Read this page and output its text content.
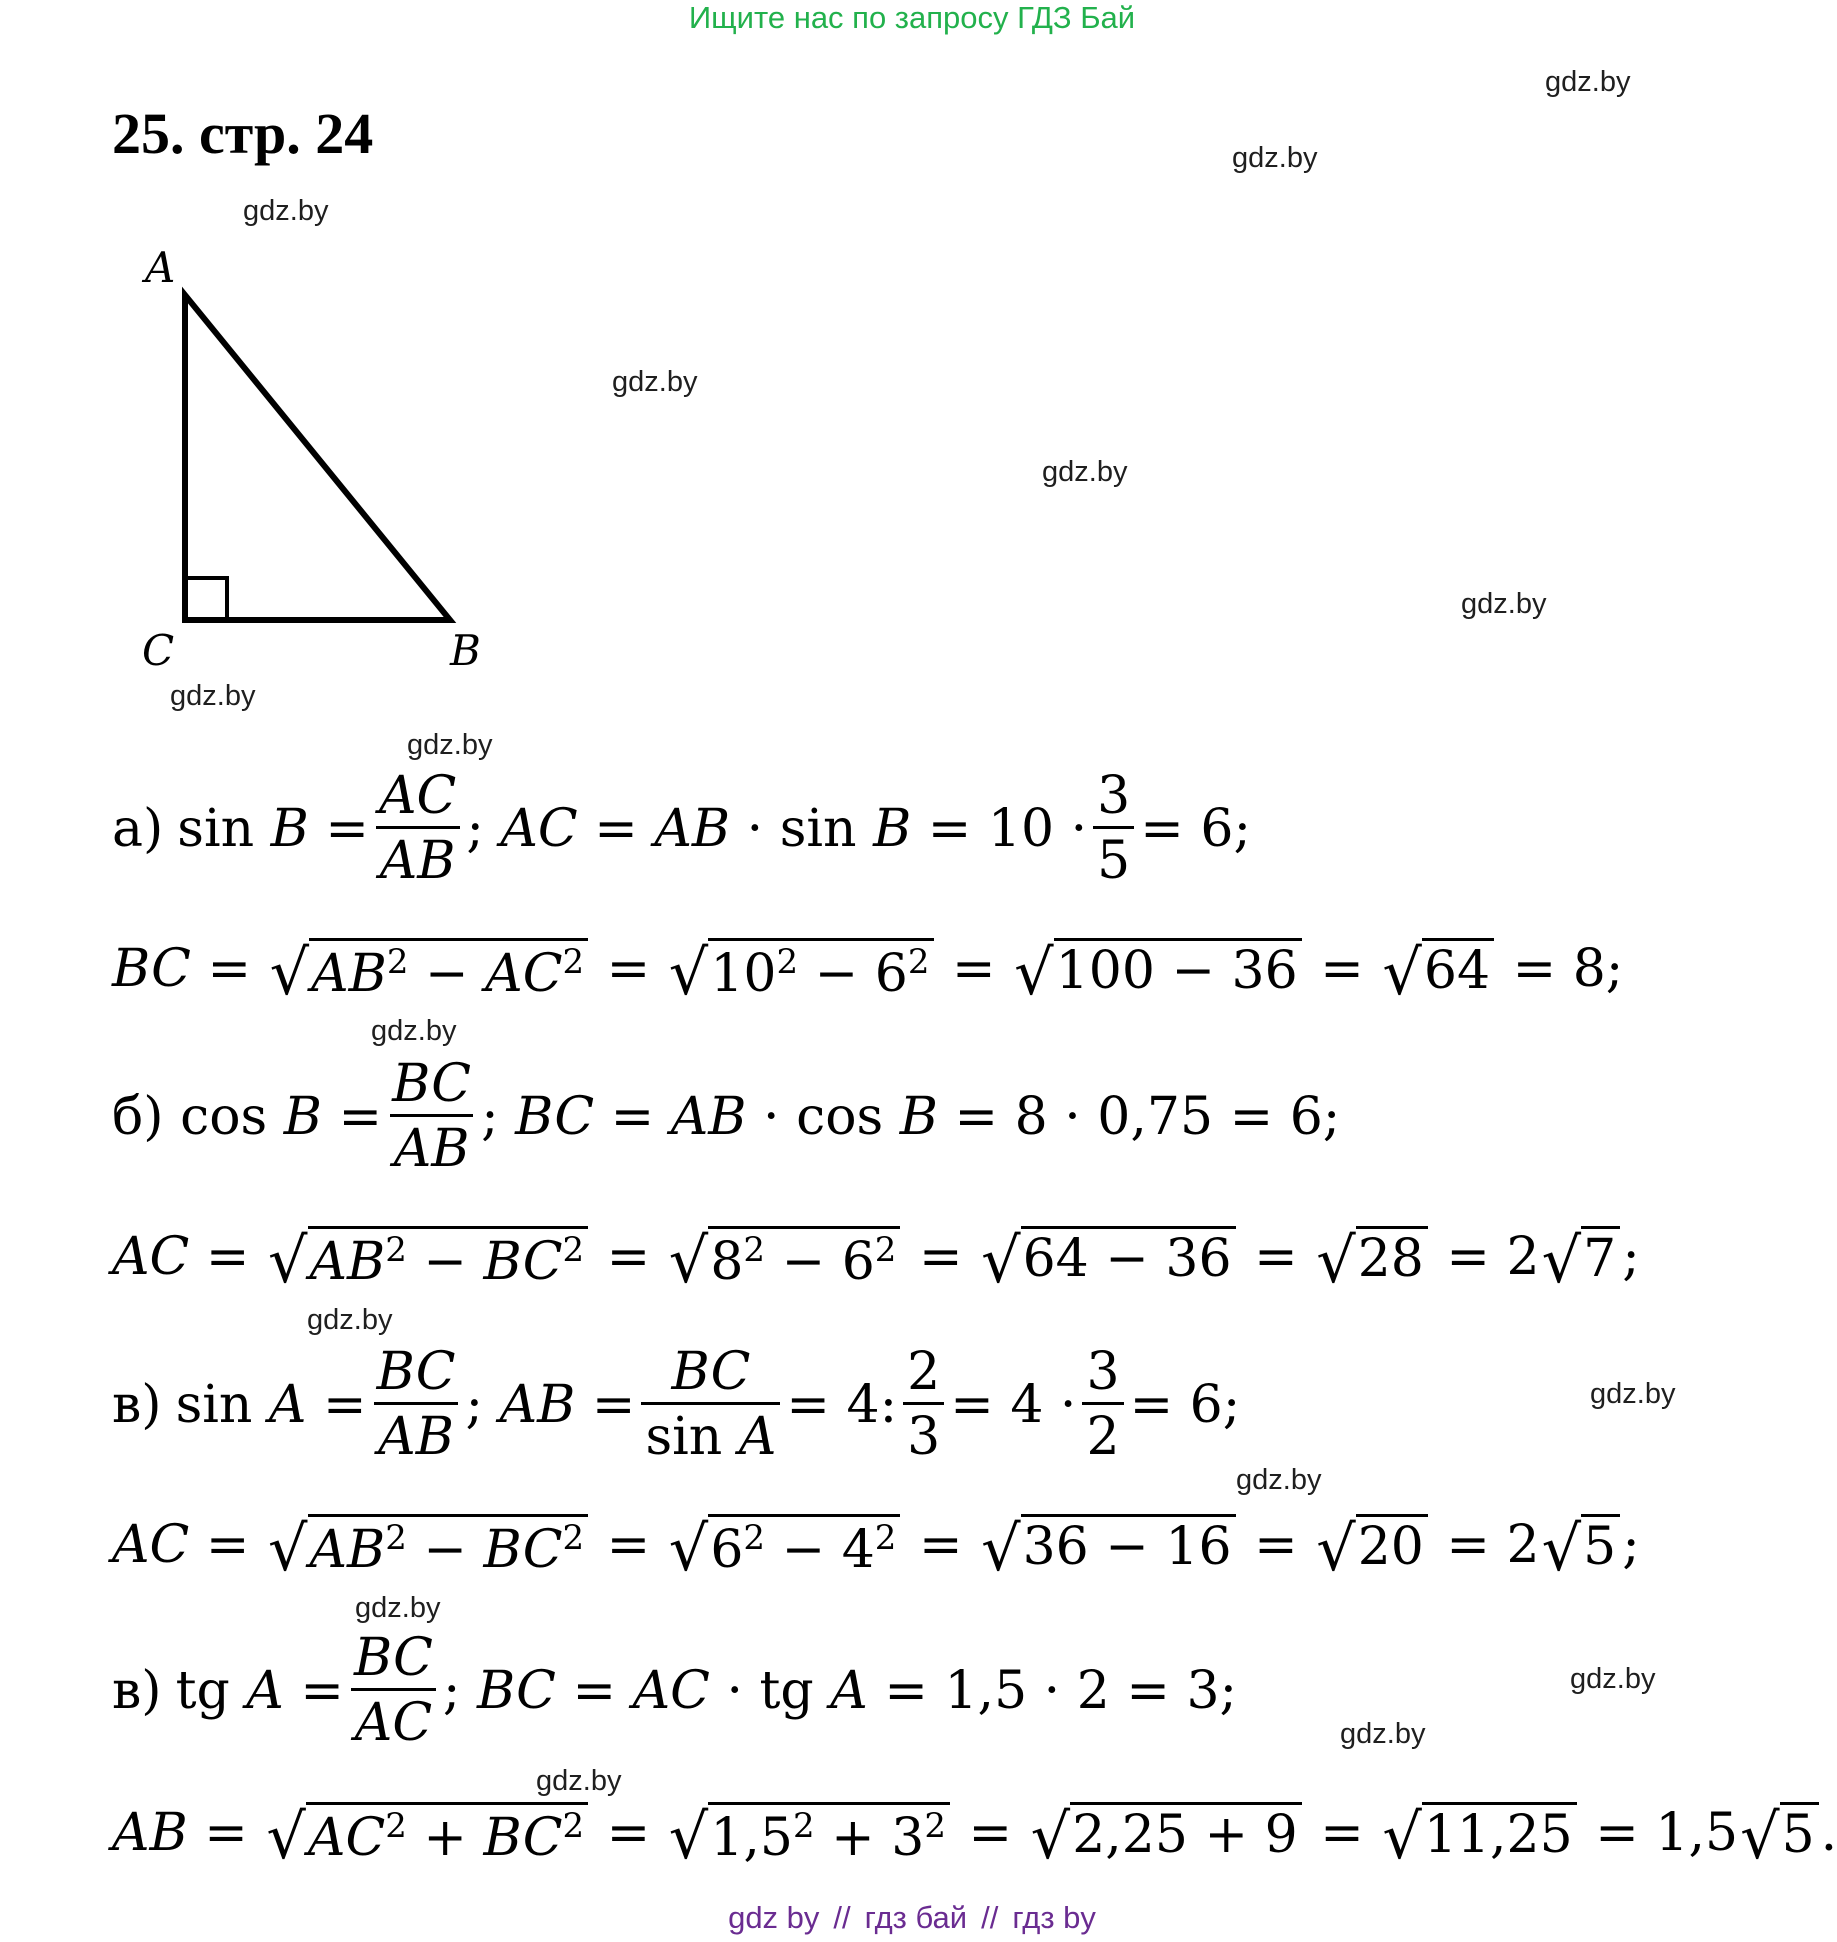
Ищите нас по запросу ГДЗ Бай
25. стр. 24
gdz.by
gdz.by
gdz.by
gdz.by
gdz.by
gdz.by
gdz.by
gdz.by
gdz.by
gdz.by
gdz.by
gdz.by
gdz.by
gdz.by
gdz.by
gdz.by
A
C	B
а) sin
B
= $\frac{AC}{AB}$ ;
AC = AB
·
sin
$B = 10 \cdot \frac{3}{5} = 6$;
BC = √ $AB^2 - AC^2$ = √ $10^2 - 6^2$ = √ 100 − 36 = √ 64 = 8;
б)
cos
$B = \frac{BC}{AB}$ ;
BC = AB · cos
B = 8 · 0,75 = 6;
AC = √ $AB^2 - BC^2$ = √ $8^2 - 6^2$ = √ 64 − 36 = √ 28 = 2 √ 7 ;
в) sin
$A = \frac{BC}{AB}$ ;
AB = $\frac{BC}{\text{sin A}} = 4$: $\frac{2}{3} = 4 \cdot \frac{3}{2} = 6$;
AC = √ $AB^2 - BC^2$ = √ $6^2 - 4^2$ = √ 36 − 16 = √ 20 = 2 √ 5 ;
в) tg
$A = \frac{BC}{AC}$ ;
BC = AC · tg
A = 1,5 · 2 = 3;
AB = √ $AC^2 + BC^2$ = √ $1,5^2 + 3^2$ = √ 2,25 + 9 = √ 11,25 = 1,5 √ 5 .
gdz by // гдз бай // гдз by
